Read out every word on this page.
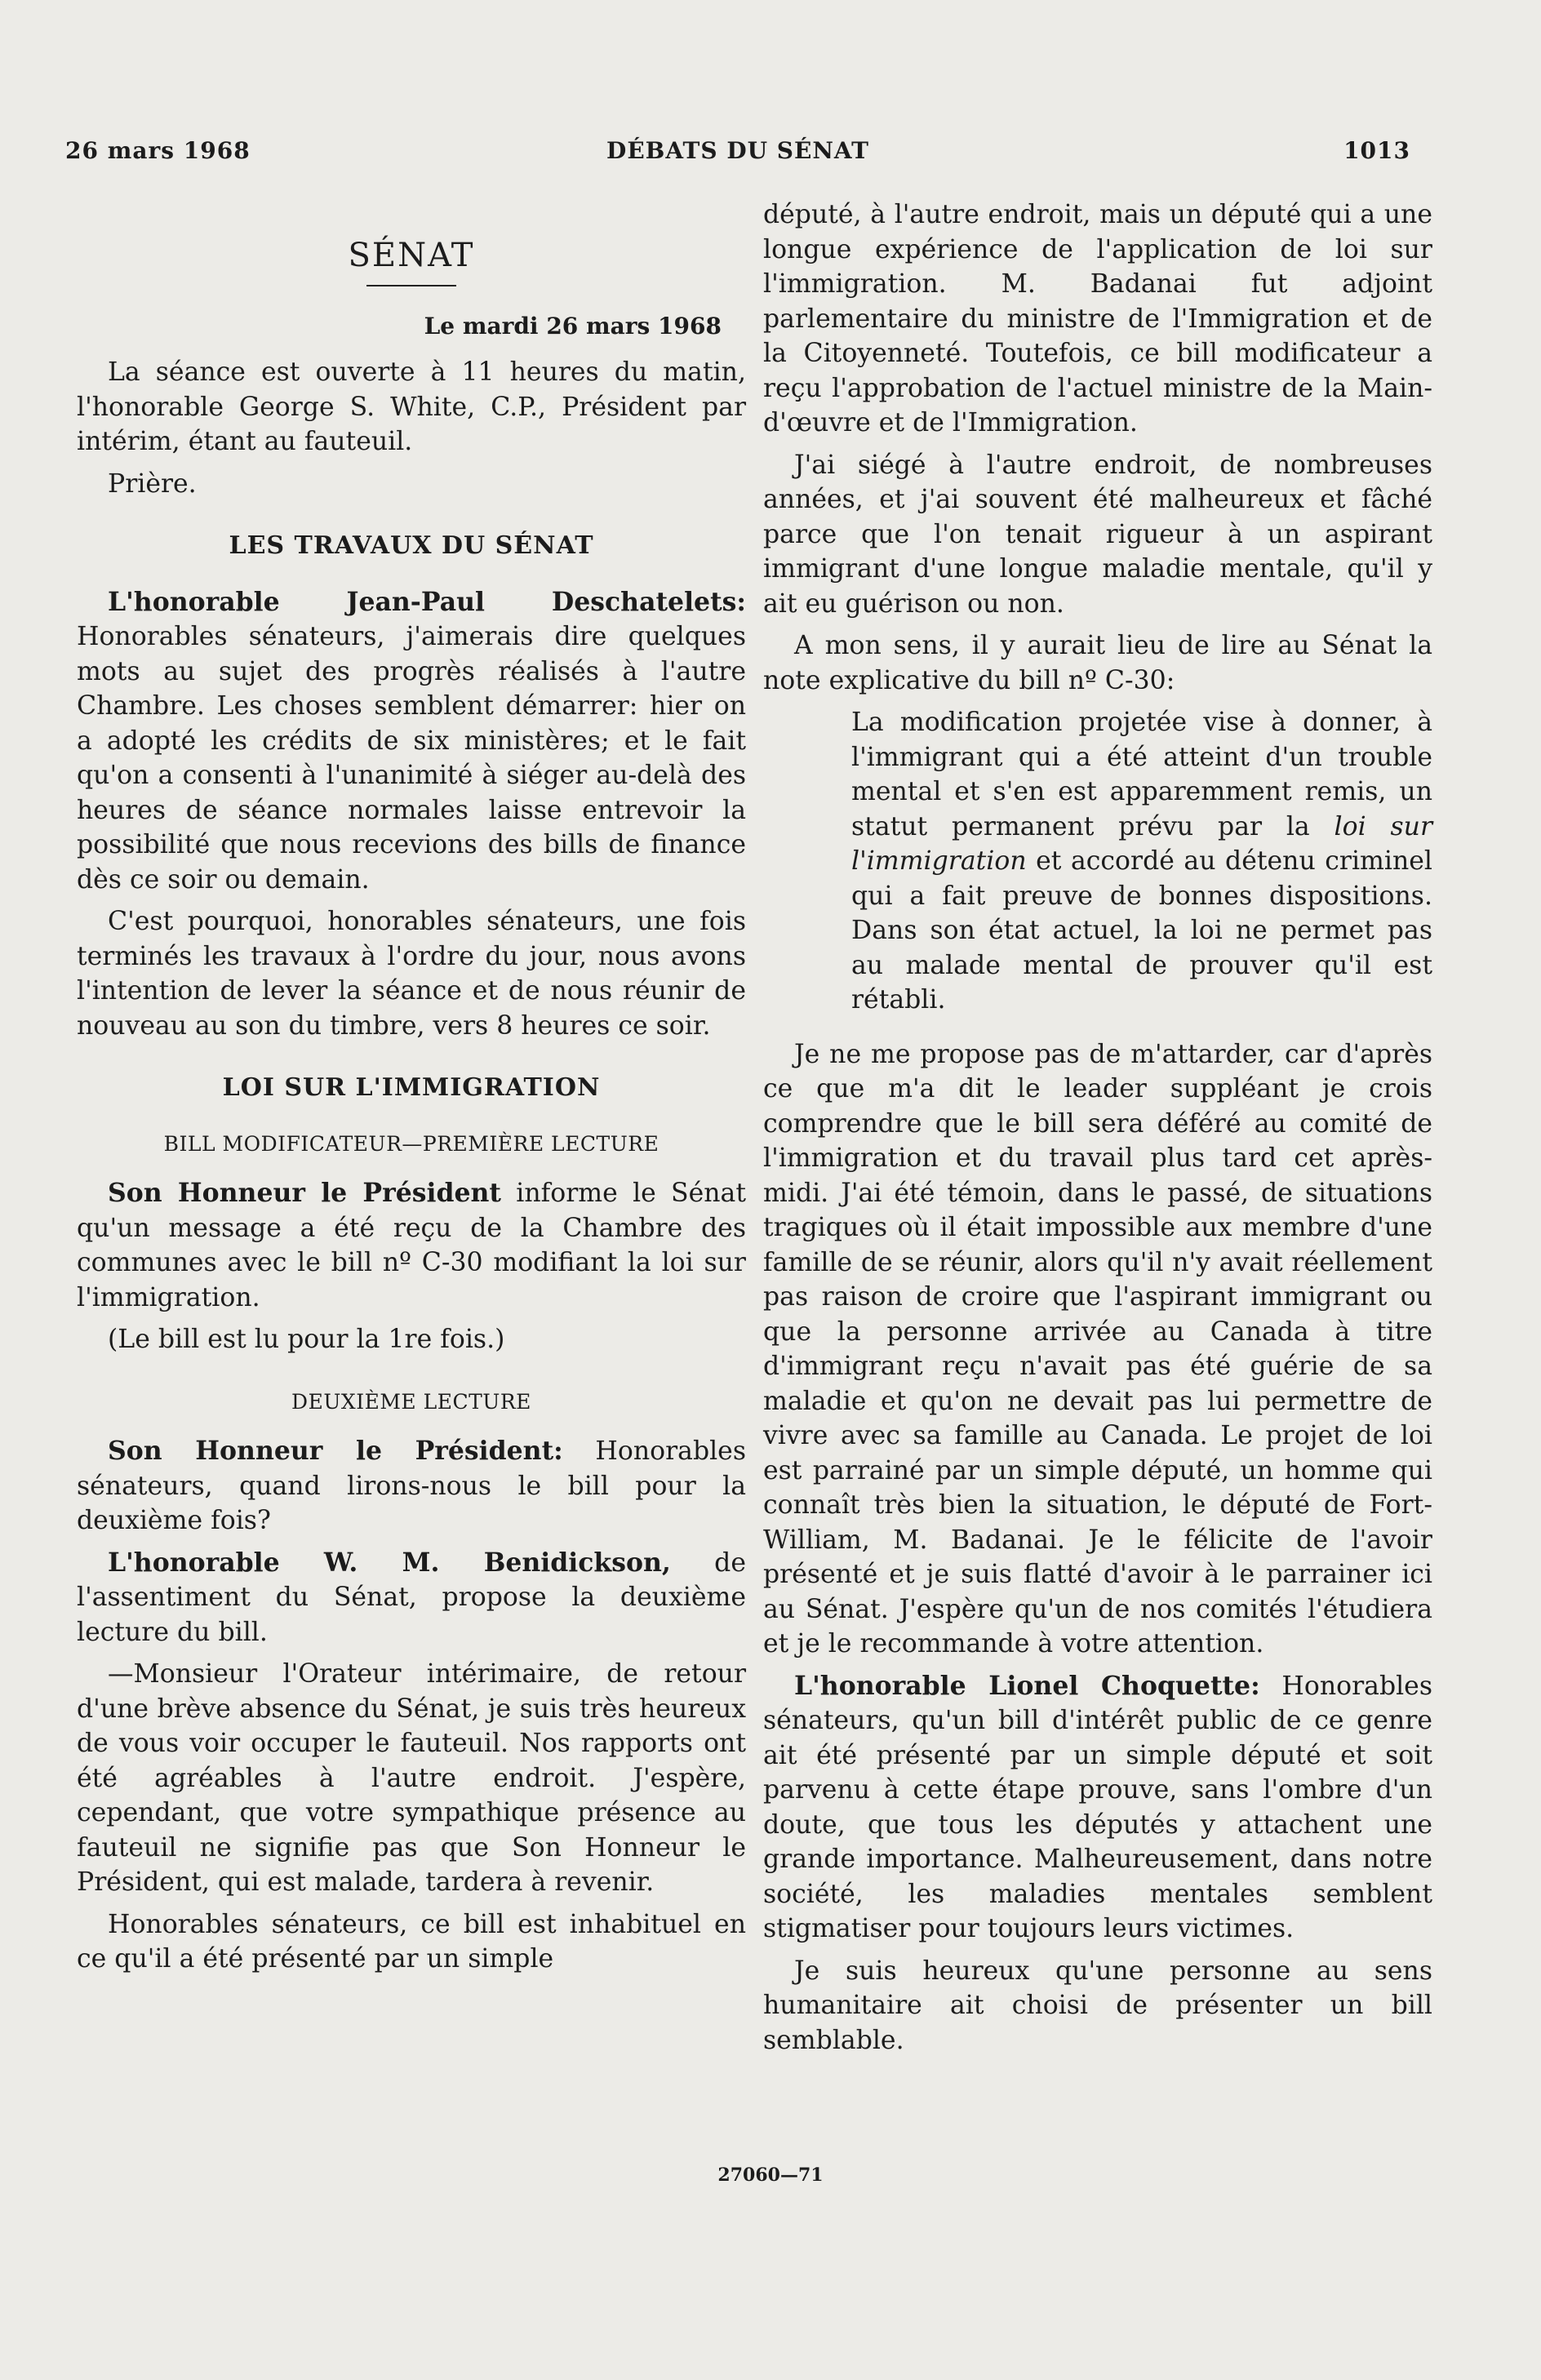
26 mars 1968	DÉBATS DU SÉNAT	1013
SÉNAT
Le mardi 26 mars 1968

La séance est ouverte à 11 heures du matin, l'honorable George S. White, C.P., Président par intérim, étant au fauteuil.

Prière.

LES TRAVAUX DU SÉNAT

L'honorable Jean-Paul Deschatelets: Honorables sénateurs, j'aimerais dire quelques mots au sujet des progrès réalisés à l'autre Chambre. Les choses semblent démarrer: hier on a adopté les crédits de six ministères; et le fait qu'on a consenti à l'unanimité à siéger au-delà des heures de séance normales laisse entrevoir la possibilité que nous recevions des bills de finance dès ce soir ou demain.

C'est pourquoi, honorables sénateurs, une fois terminés les travaux à l'ordre du jour, nous avons l'intention de lever la séance et de nous réunir de nouveau au son du timbre, vers 8 heures ce soir.

LOI SUR L'IMMIGRATION
BILL MODIFICATEUR—PREMIÈRE LECTURE

Son Honneur le Président informe le Sénat qu'un message a été reçu de la Chambre des communes avec le bill nº C-30 modifiant la loi sur l'immigration.

(Le bill est lu pour la 1re fois.)

DEUXIÈME LECTURE

Son Honneur le Président: Honorables sénateurs, quand lirons-nous le bill pour la deuxième fois?

L'honorable W. M. Benidickson, de l'assentiment du Sénat, propose la deuxième lecture du bill.

—Monsieur l'Orateur intérimaire, de retour d'une brève absence du Sénat, je suis très heureux de vous voir occuper le fauteuil. Nos rapports ont été agréables à l'autre endroit. J'espère, cependant, que votre sympathique présence au fauteuil ne signifie pas que Son Honneur le Président, qui est malade, tardera à revenir.

Honorables sénateurs, ce bill est inhabituel en ce qu'il a été présenté par un simple

député, à l'autre endroit, mais un député qui a une longue expérience de l'application de loi sur l'immigration. M. Badanai fut adjoint parlementaire du ministre de l'Immigration et de la Citoyenneté. Toutefois, ce bill modificateur a reçu l'approbation de l'actuel ministre de la Main-d'œuvre et de l'Immigration.

J'ai siégé à l'autre endroit, de nombreuses années, et j'ai souvent été malheureux et fâché parce que l'on tenait rigueur à un aspirant immigrant d'une longue maladie mentale, qu'il y ait eu guérison ou non.

A mon sens, il y aurait lieu de lire au Sénat la note explicative du bill nº C-30:

La modification projetée vise à donner, à l'immigrant qui a été atteint d'un trouble mental et s'en est apparemment remis, un statut permanent prévu par la loi sur l'immigration et accordé au détenu criminel qui a fait preuve de bonnes dispositions. Dans son état actuel, la loi ne permet pas au malade mental de prouver qu'il est rétabli.

Je ne me propose pas de m'attarder, car d'après ce que m'a dit le leader suppléant je crois comprendre que le bill sera déféré au comité de l'immigration et du travail plus tard cet après-midi. J'ai été témoin, dans le passé, de situations tragiques où il était impossible aux membre d'une famille de se réunir, alors qu'il n'y avait réellement pas raison de croire que l'aspirant immigrant ou que la personne arrivée au Canada à titre d'immigrant reçu n'avait pas été guérie de sa maladie et qu'on ne devait pas lui permettre de vivre avec sa famille au Canada. Le projet de loi est parrainé par un simple député, un homme qui connaît très bien la situation, le député de Fort-William, M. Badanai. Je le félicite de l'avoir présenté et je suis flatté d'avoir à le parrainer ici au Sénat. J'espère qu'un de nos comités l'étudiera et je le recommande à votre attention.

L'honorable Lionel Choquette: Honorables sénateurs, qu'un bill d'intérêt public de ce genre ait été présenté par un simple député et soit parvenu à cette étape prouve, sans l'ombre d'un doute, que tous les députés y attachent une grande importance. Malheureusement, dans notre société, les maladies mentales semblent stigmatiser pour toujours leurs victimes.

Je suis heureux qu'une personne au sens humanitaire ait choisi de présenter un bill semblable.

27060—71
